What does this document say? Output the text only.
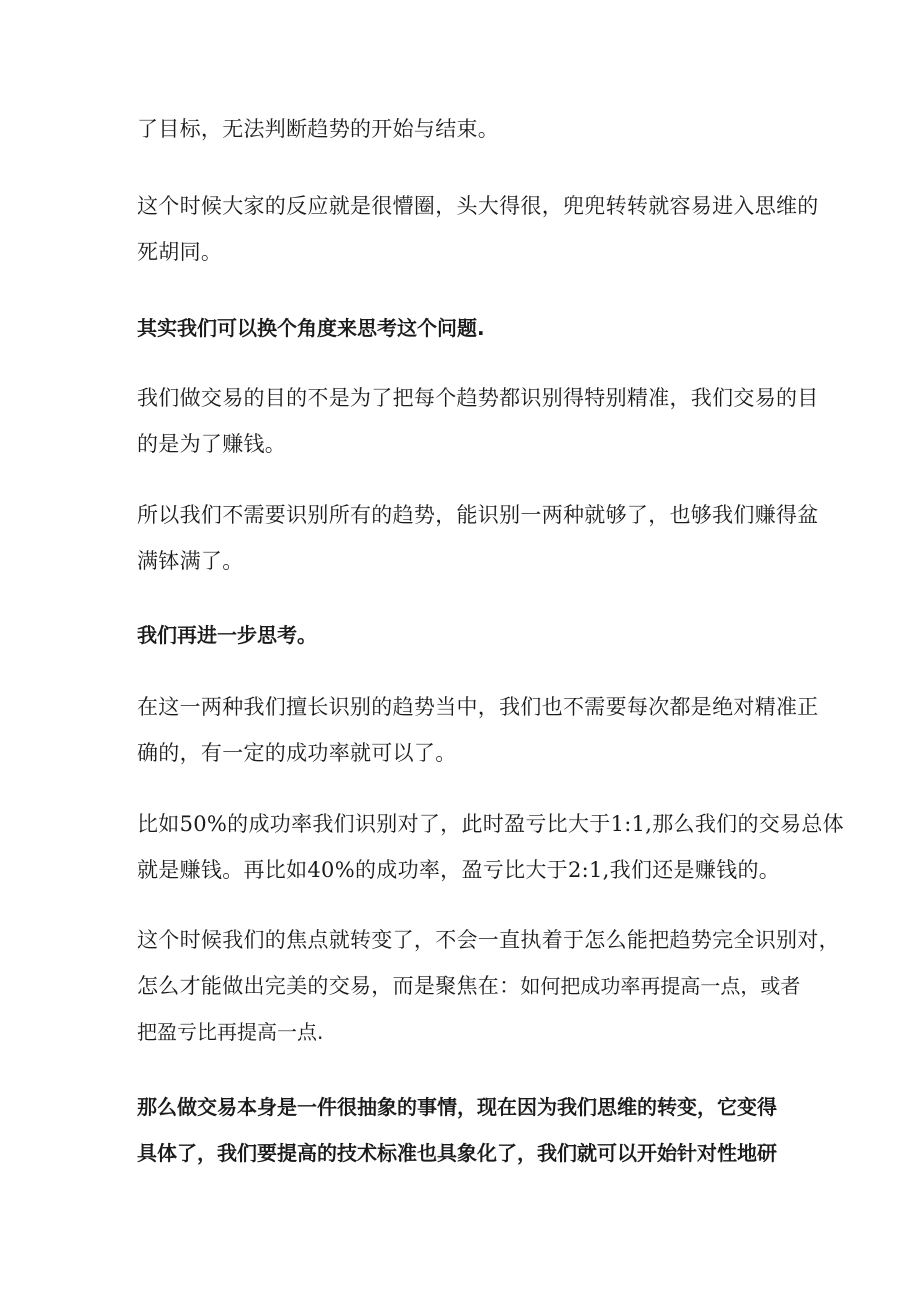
了目标，无法判断趋势的开始与结束。

这个时候大家的反应就是很懵圈，头大得很，兜兜转转就容易进入思维的
死胡同。

其实我们可以换个角度来思考这个问题.

我们做交易的目的不是为了把每个趋势都识别得特别精准，我们交易的目
的是为了赚钱。

所以我们不需要识别所有的趋势，能识别一两种就够了，也够我们赚得盆
满钵满了。

我们再进一步思考。

在这一两种我们擅长识别的趋势当中，我们也不需要每次都是绝对精准正
确的，有一定的成功率就可以了。

比如50%的成功率我们识别对了，此时盈亏比大于1:1,那么我们的交易总体
就是赚钱。再比如40%的成功率，盈亏比大于2:1,我们还是赚钱的。

这个时候我们的焦点就转变了，不会一直执着于怎么能把趋势完全识别对，
怎么才能做出完美的交易，而是聚焦在：如何把成功率再提高一点，或者
把盈亏比再提高一点.

那么做交易本身是一件很抽象的事情，现在因为我们思维的转变，它变得
具体了，我们要提高的技术标准也具象化了，我们就可以开始针对性地研
